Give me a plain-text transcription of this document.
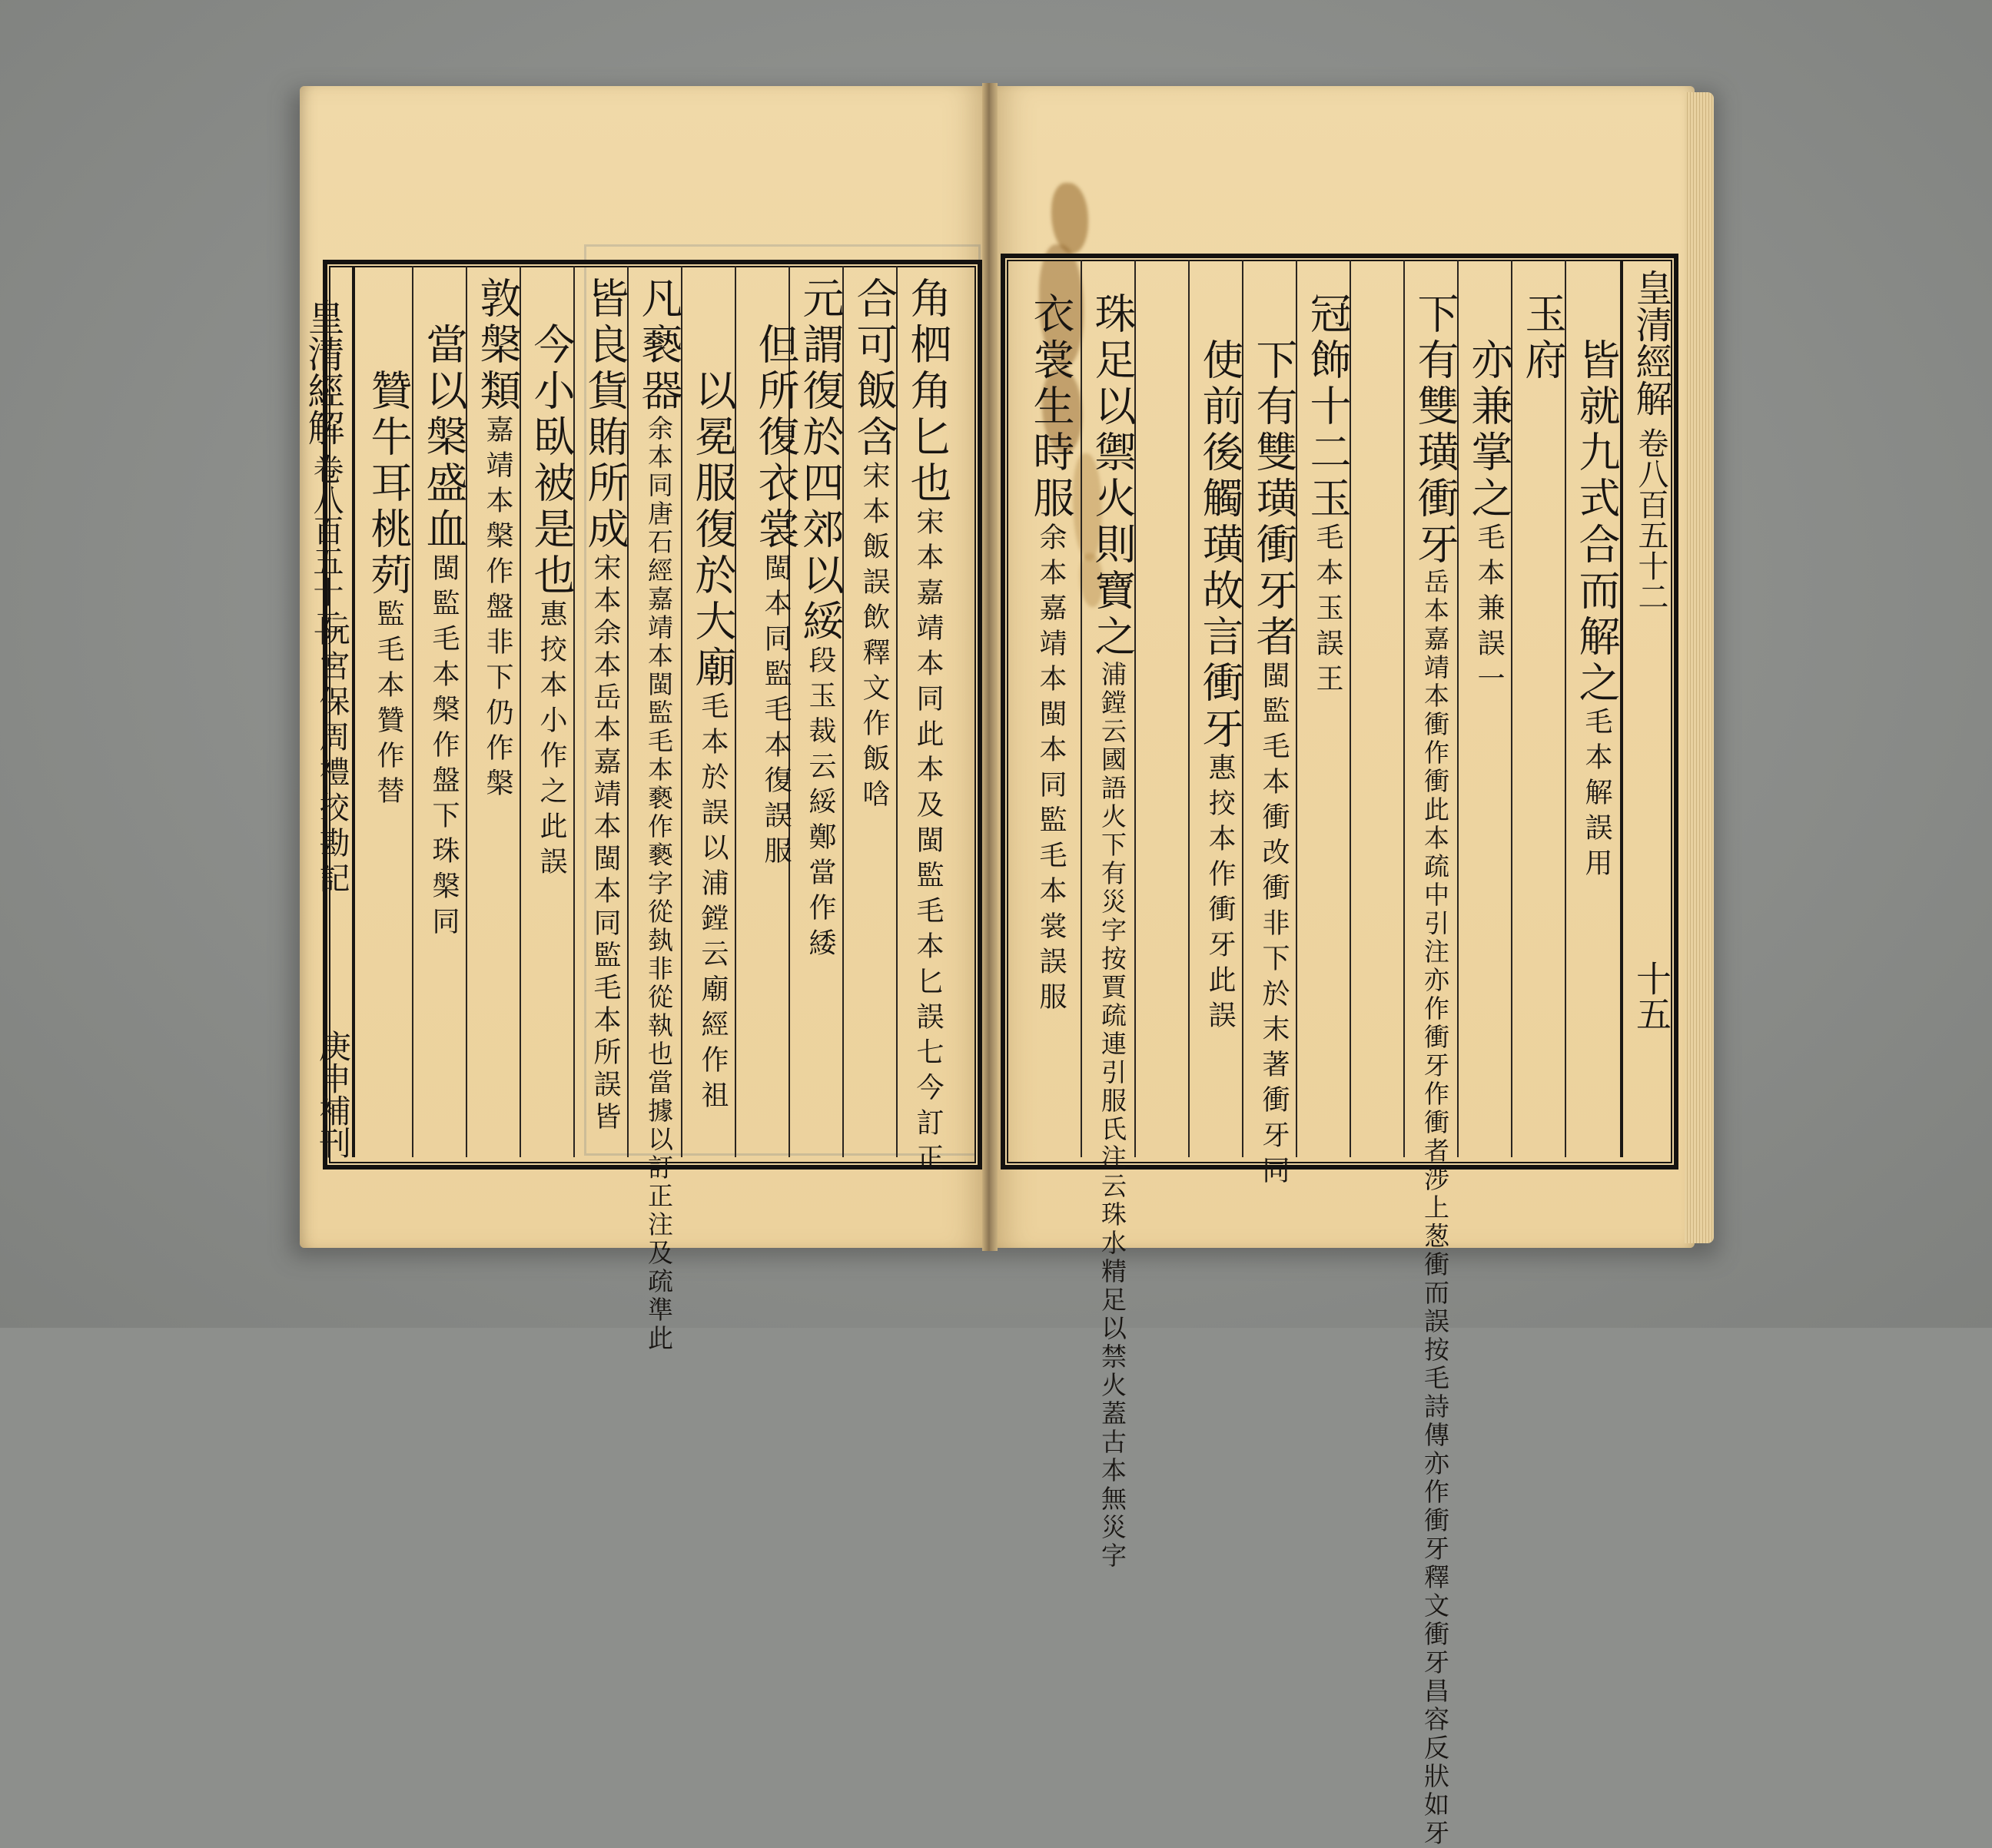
皇清經解
卷八百五十二
阮宮保周禮挍勘記
庚申補刊
角柶角匕也宋本嘉靖本同此本及閩監毛本匕誤七今訂正
合可飯含宋本飯誤飲釋文作飯唅
元謂復於四郊以綏段玉裁云綏鄭當作緌
但所復衣裳閩本同監毛本復誤服
以冕服復於大廟毛本於誤以浦鏜云廟經作祖
凡褻器余本同唐石經嘉靖本閩監毛本褻作褻字從埶非從執也當據以訂正注及疏準此
皆良貨賄所成宋本余本岳本嘉靖本閩本同監毛本所誤皆
今小臥被是也惠挍本小作之此誤
敦槃類嘉靖本槃作盤非下仍作槃
當以槃盛血閩監毛本槃作盤下珠槃同
贊牛耳桃茢監毛本贊作替
皇清經解
卷八百五十二
十五
皆就九式合而解之毛本解誤用
玉府
亦兼掌之毛本兼誤一
下有雙璜衝牙岳本嘉靖本衝作衝此本疏中引注亦作衝牙作衝者涉上葱衝而誤按毛詩傳亦作衝牙釋文衝牙昌容反狀如牙
冠飾十二玉毛本玉誤王
下有雙璜衝牙者閩監毛本衝改衝非下於末著衝牙同
使前後觸璜故言衝牙惠挍本作衝牙此誤
珠足以禦火則寶之浦鏜云國語火下有災字按賈疏連引服氏注云珠水精足以禁火蓋古本無災字
衣裳生時服余本嘉靖本閩本同監毛本裳誤服
